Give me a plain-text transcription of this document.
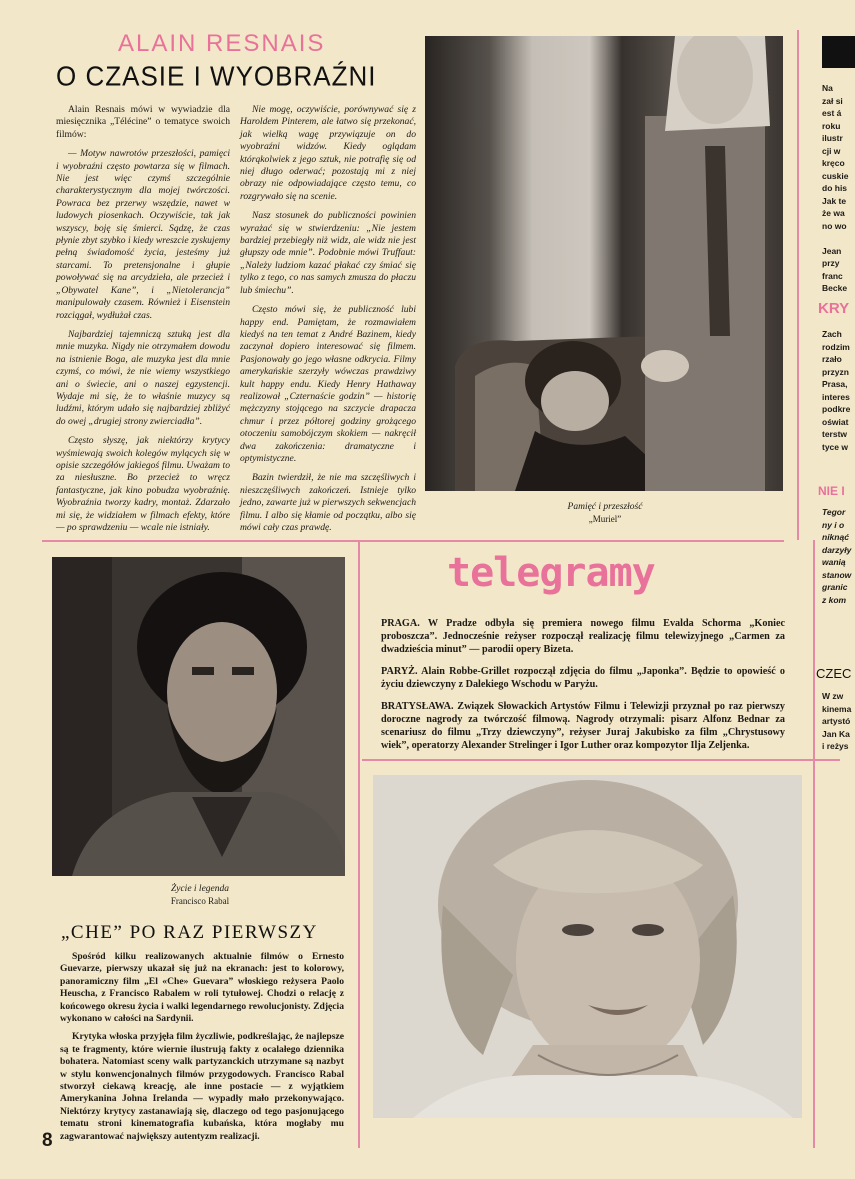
ALAIN RESNAIS
O CZASIE I WYOBRAŹNI

Alain Resnais mówi w wywiadzie dla miesięcznika „Télécine” o tematyce swoich filmów:

— Motyw nawrotów przeszłości, pamięci i wyobraźni często powtarza się w filmach. Nie jest więc czymś szczególnie charakterystycznym dla mojej twórczości. Powraca bez przerwy wszędzie, nawet w ludowych piosenkach. Oczywiście, tak jak wszyscy, boję się śmierci. Sądzę, że czas płynie zbyt szybko i kiedy wreszcie zyskujemy pełną świadomość życia, jesteśmy już starcami. To pretensjonalne i głupie powoływać się na arcydzieła, ale przecież i „Obywatel Kane”, i „Nietolerancja” manipulowały czasem. Również i Eisenstein rozciągał, wydłużał czas.

Najbardziej tajemniczą sztuką jest dla mnie muzyka. Nigdy nie otrzymałem dowodu na istnienie Boga, ale muzyka jest dla mnie czymś, co mówi, że nie wiemy wszystkiego ani o świecie, ani o naszej egzystencji. Wydaje mi się, że to właśnie muzycy są ludźmi, którym udało się najbardziej zbliżyć do owej „drugiej strony zwierciadła”.

Często słyszę, jak niektórzy krytycy wyśmiewają swoich kolegów mylących się w opisie szczegółów jakiegoś filmu. Uważam to za niesłuszne. Bo przecież to wręcz fantastyczne, jak kino pobudza wyobraźnię. Wyobraźnia tworzy kadry, montaż. Zdarzało mi się, że widziałem w filmach efekty, które — po sprawdzeniu — wcale nie istniały.

Nie mogę, oczywiście, porównywać się z Haroldem Pinterem, ale łatwo się przekonać, jak wielką wagę przywiązuje on do wyobraźni widzów. Kiedy oglądam którąkolwiek z jego sztuk, nie potrafię się od niej długo oderwać; pozostają mi z niej obrazy nie odpowiadające często temu, co rozgrywało się na scenie.

Nasz stosunek do publiczności powinien wyrażać się w stwierdzeniu: „Nie jestem bardziej przebiegły niż widz, ale widz nie jest głupszy ode mnie”. Podobnie mówi Truffaut: „Należy ludziom kazać płakać czy śmiać się tylko z tego, co nas samych zmusza do płaczu lub śmiechu”.

Często mówi się, że publiczność lubi happy end. Pamiętam, że rozmawiałem kiedyś na ten temat z André Bazinem, kiedy zaczynał dopiero interesować się filmem. Pasjonowały go jego własne odkrycia. Filmy amerykańskie szerzyły wówczas prawdziwy kult happy endu. Kiedy Henry Hathaway realizował „Czternaście godzin” — historię mężczyzny stojącego na szczycie drapacza chmur i przez półtorej godziny grożącego otoczeniu samobójczym skokiem — nakręcił dwa zakończenia: dramatyczne i optymistyczne.

Bazin twierdził, że nie ma szczęśliwych i nieszczęśliwych zakończeń. Istnieje tylko jedno, zawarte już w pierwszych sekwencjach filmu. I albo się kłamie od początku, albo się mówi cały czas prawdę.

Pamięć i przeszłość
„Muriel”
Życie i legenda
Francisco Rabal
„CHE” PO RAZ PIERWSZY

Spośród kilku realizowanych aktualnie filmów o Ernesto Guevarze, pierwszy ukazał się już na ekranach: jest to kolorowy, panoramiczny film „El «Che» Guevara” włoskiego reżysera Paolo Heuscha, z Francisco Rabalem w roli tytułowej. Chodzi o relację z końcowego okresu życia i walki legendarnego rewolucjonisty. Zdjęcia wykonano w całości na Sardynii.

Krytyka włoska przyjęła film życzliwie, podkreślając, że najlepsze są te fragmenty, które wiernie ilustrują fakty z ocalałego dziennika bohatera. Natomiast sceny walk partyzanckich utrzymane są nazbyt w stylu konwencjonalnych filmów przygodowych. Francisco Rabal stworzył ciekawą kreację, ale inne postacie — z wyjątkiem Amerykanina Johna Irelanda — wypadły mało przekonywająco. Niektórzy krytycy zastanawiają się, dlaczego od tego pasjonującego tematu stroni kinematografia kubańska, która mogłaby mu zagwarantować największy autentyzm realizacji.

8
telegramy

PRAGA. W Pradze odbyła się premiera nowego filmu Evalda Schorma „Koniec proboszcza”. Jednocześnie reżyser rozpoczął realizację filmu telewizyjnego „Carmen za dwadzieścia minut” — parodii opery Bizeta.

PARYŻ. Alain Robbe-Grillet rozpoczął zdjęcia do filmu „Japonka”. Będzie to opowieść o życiu dziewczyny z Dalekiego Wschodu w Paryżu.

BRATYSŁAWA. Związek Słowackich Artystów Filmu i Telewizji przyznał po raz pierwszy doroczne nagrody za twórczość filmową. Nagrody otrzymali: pisarz Alfonz Bednar za scenariusz do filmu „Trzy dziewczyny”, reżyser Juraj Jakubisko za film „Chrystusowy wiek”, operatorzy Alexander Strelinger i Igor Luther oraz kompozytor Ilja Zeljenka.

Na
zał si
est á
roku
ilustr
cji w
kręco
cuskie
do his
Jak te
że wa
no wo

Jean
przy
franc
Becke
KRY
Zach
rodzim
rzało
przyzn
Prasa,
interes
podkre
oświat
terstw
tyce w
NIE I
Tegor
ny i o
niknąć
darzyły
wanią
stanow
granic
z kom
CZEC
W zw
kinema
artystó
Jan Ka
i reżys
